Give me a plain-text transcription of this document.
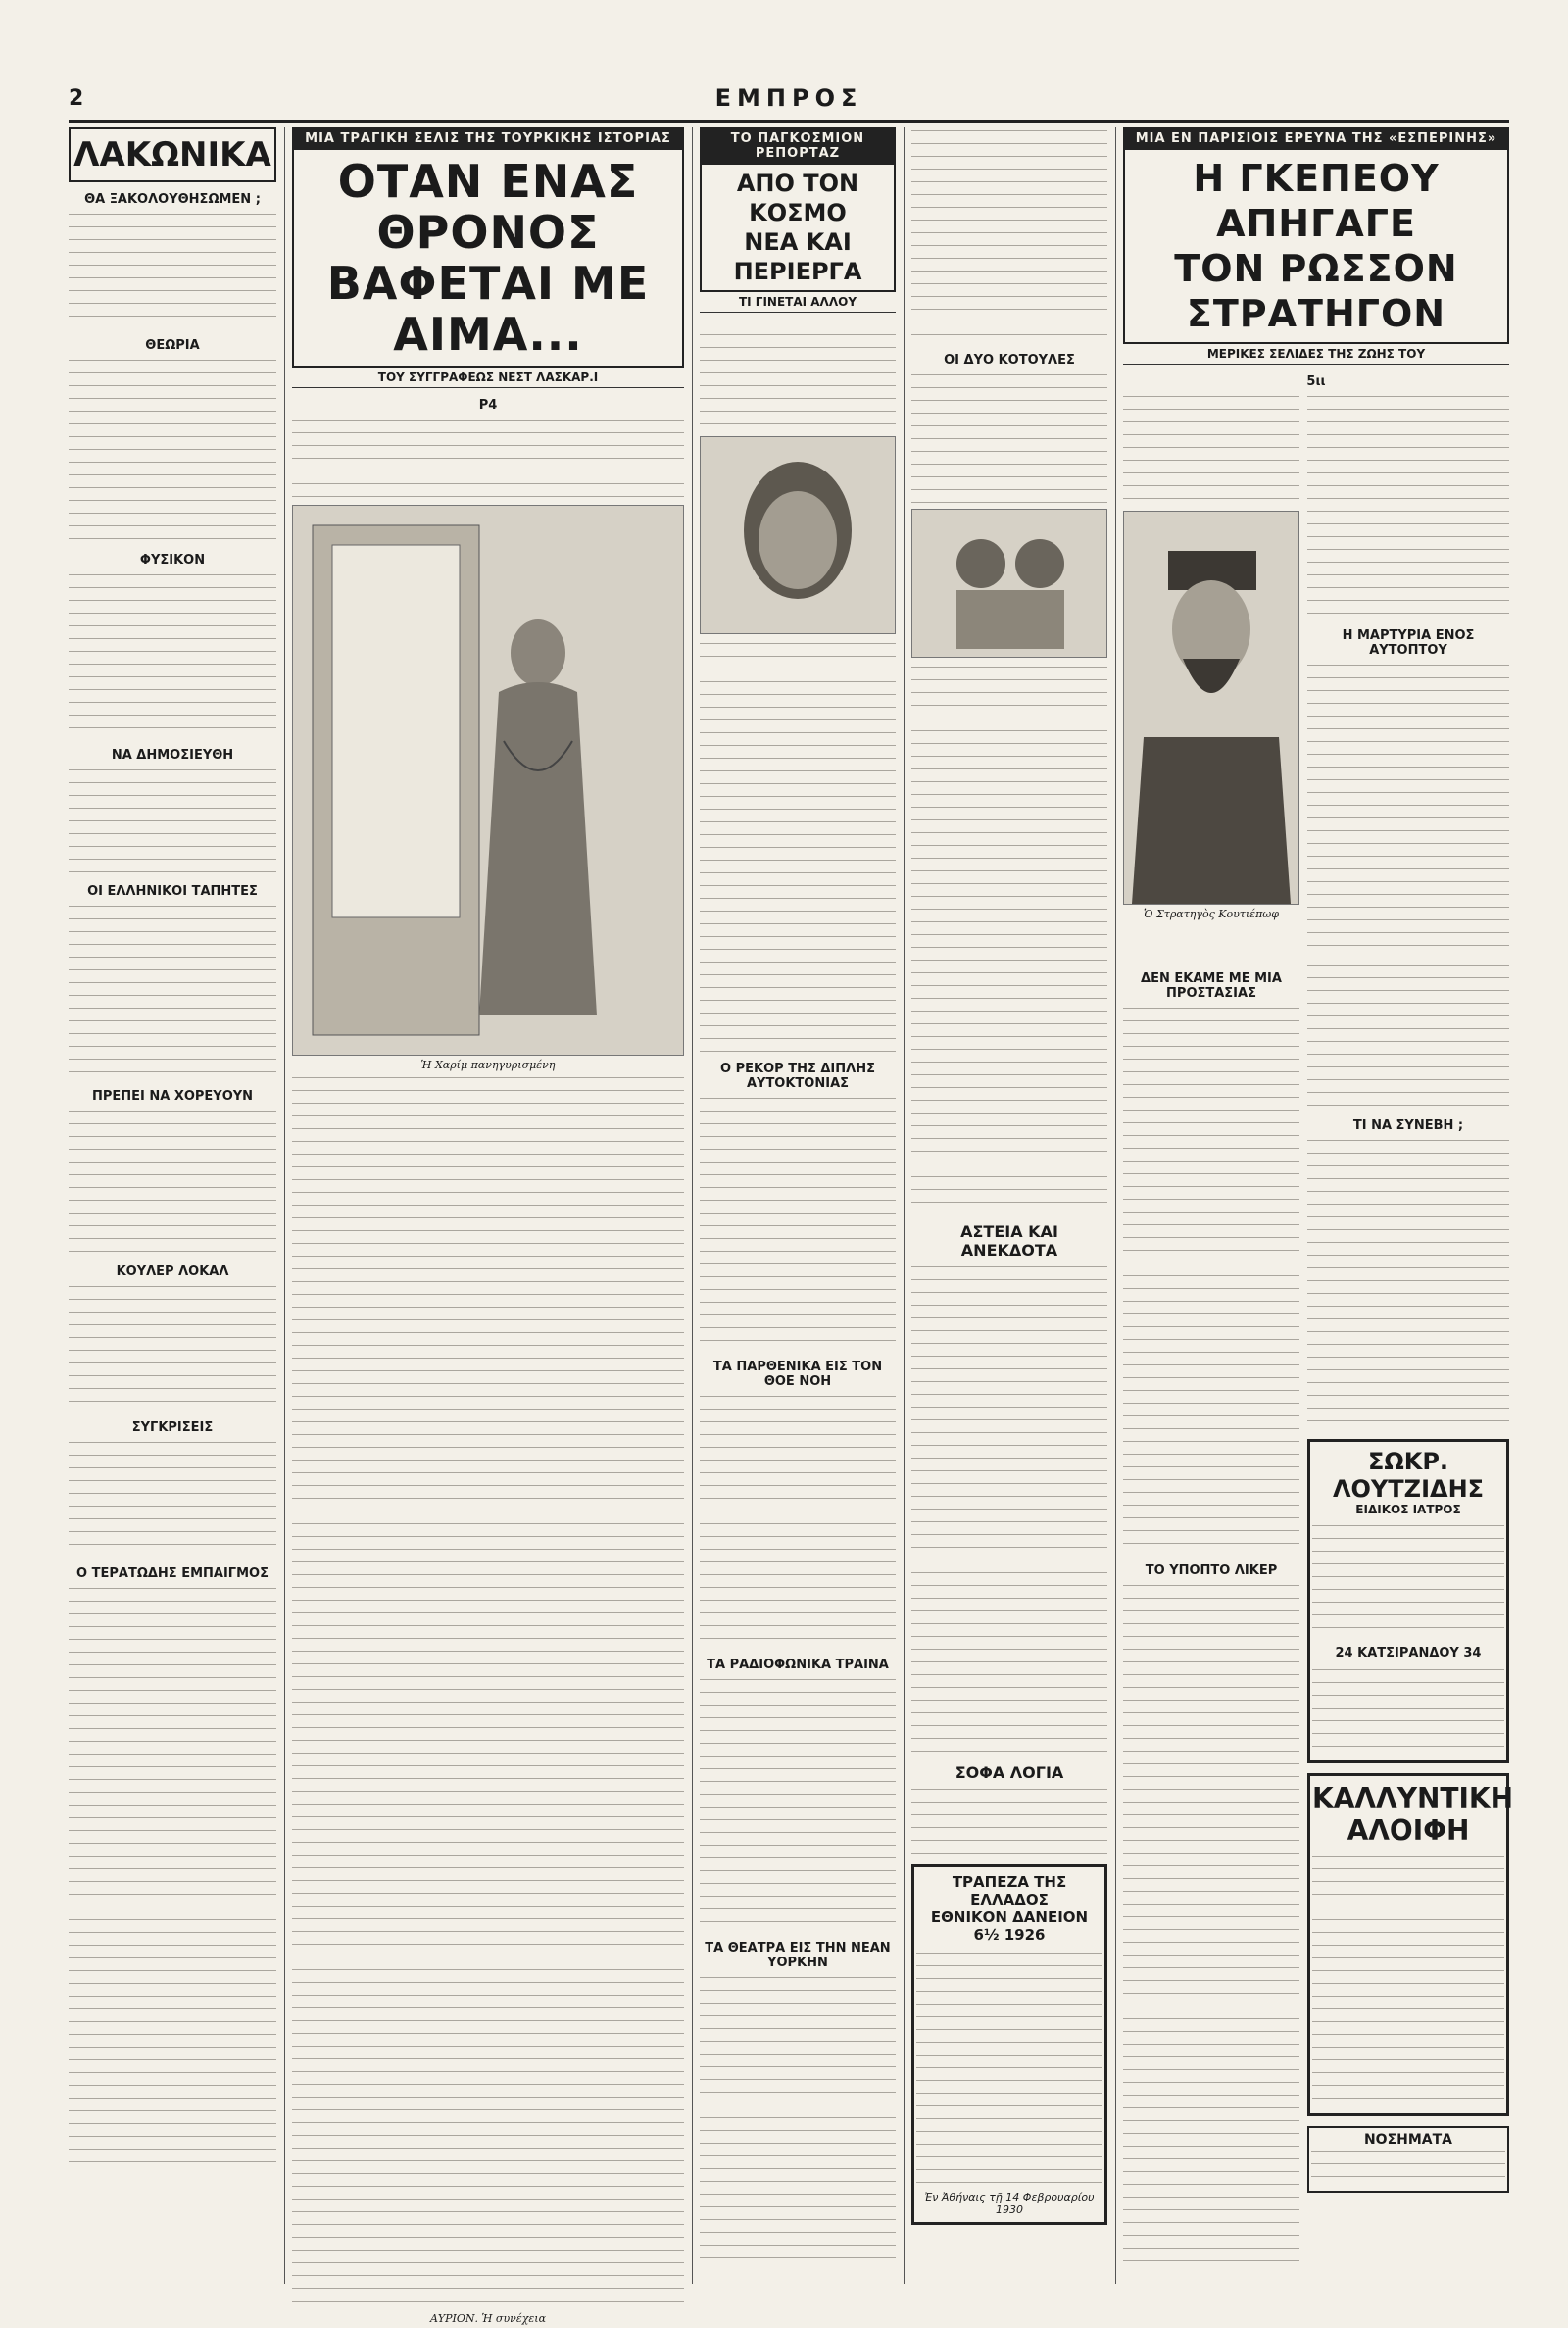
2	ΕΜΠΡΟΣ
ΛΑΚΩΝΙΚΑ
ΘΑ ΞΑΚΟΛΟΥΘΗΣΩΜΕΝ ;
ΘΕΩΡΙΑ
ΦΥΣΙΚΟΝ
ΝΑ ΔΗΜΟΣΙΕΥΘΗ
ΟΙ ΕΛΛΗΝΙΚΟΙ ΤΑΠΗΤΕΣ
ΠΡΕΠΕΙ ΝΑ ΧΟΡΕΥΟΥΝ
ΚΟΥΛΕΡ ΛΟΚΑΛ
ΣΥΓΚΡΙΣΕΙΣ
Ο ΤΕΡΑΤΩΔΗΣ ΕΜΠΑΙΓΜΟΣ
ΜΙΑ ΤΡΑΓΙΚΗ ΣΕΛΙΣ ΤΗΣ ΤΟΥΡΚΙΚΗΣ ΙΣΤΟΡΙΑΣ
ΟΤΑΝ ΕΝΑΣ ΘΡΟΝΟΣ
ΒΑΦΕΤΑΙ ΜΕ ΑΙΜΑ...
ΤΟΥ ΣΥΓΓΡΑΦΕΩΣ ΝΕΣΤ ΛΑΣΚΑΡ.Ι
Ρ4
Ἡ Χαρίμ πανηγυρισμένη
ΑΥΡΙΟΝ. Ἡ συνέχεια
ΤΟ ΠΑΓΚΟΣΜΙΟΝ ΡΕΠΟΡΤΑΖ
ΑΠΟ ΤΟΝ ΚΟΣΜΟ
ΝΕΑ ΚΑΙ ΠΕΡΙΕΡΓΑ
ΤΙ ΓΙΝΕΤΑΙ ΑΛΛΟΥ
Ο ΡΕΚΟΡ ΤΗΣ ΔΙΠΛΗΣ ΑΥΤΟΚΤΟΝΙΑΣ
ΤΑ ΠΑΡΘΕΝΙΚΑ ΕΙΣ ΤΟΝ ΘΟΕ ΝΟΗ
ΤΑ ΡΑΔΙΟΦΩΝΙΚΑ ΤΡΑΙΝΑ
ΤΑ ΘΕΑΤΡΑ ΕΙΣ ΤΗΝ ΝΕΑΝ ΥΟΡΚΗΝ
ΟΙ ΔΥΟ ΚΟΤΟΥΛΕΣ
ΑΣΤΕΙΑ ΚΑΙ ΑΝΕΚΔΟΤΑ
ΣΟΦΑ ΛΟΓΙΑ
ΤΡΑΠΕΖΑ ΤΗΣ ΕΛΛΑΔΟΣ
ΕΘΝΙΚΟΝ ΔΑΝΕΙΟΝ 6½ 1926
Ἐν Ἀθήναις τῇ 14 Φεβρουαρίου 1930
ΜΙΑ ΕΝ ΠΑΡΙΣΙΟΙΣ ΕΡΕΥΝΑ ΤΗΣ «ΕΣΠΕΡΙΝΗΣ»
Η ΓΚΕΠΕΟΥ ΑΠΗΓΑΓΕ
ΤΟΝ ΡΩΣΣΟΝ ΣΤΡΑΤΗΓΟΝ
ΜΕΡΙΚΕΣ ΣΕΛΙΔΕΣ ΤΗΣ ΖΩΗΣ ΤΟΥ
5ιι
Ὁ Στρατηγὸς Κουτιέπωφ
Η ΜΑΡΤΥΡΙΑ ΕΝΟΣ ΑΥΤΟΠΤΟΥ
ΔΕΝ ΕΚΑΜΕ ΜΕ ΜΙΑ ΠΡΟΣΤΑΣΙΑΣ
ΤΟ ΥΠΟΠΤΟ ΛΙΚΕΡ
ΤΙ ΝΑ ΣΥΝΕΒΗ ;
ΣΩΚΡ. ΛΟΥΤΖΙΔΗΣ
ΕΙΔΙΚΟΣ ΙΑΤΡΟΣ
24 ΚΑΤΣΙΡΑΝΔΟΥ 34
ΚΑΛΛΥΝΤΙΚΗ
ΑΛΟΙΦΗ
ΝΟΣΗΜΑΤΑ
